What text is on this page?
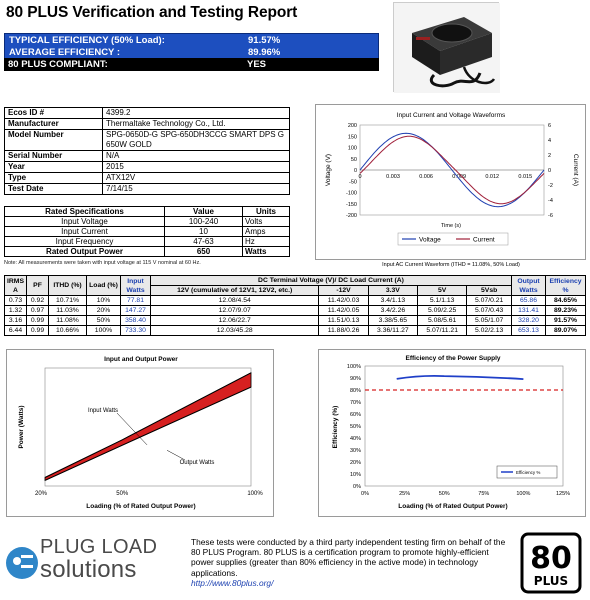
80 PLUS Verification and Testing Report
TYPICAL EFFICIENCY (50% Load):	91.57%
AVERAGE EFFICIENCY :	89.96%
80 PLUS COMPLIANT:	YES
Ecos ID #	4399.2
Manufacturer	Thermaltake Technology Co., Ltd.
Model Number	SPG-0650D-G SPG-650DH3CCG SMART DPS G 650W GOLD
Serial Number	N/A
Year	2015
Type	ATX12V
Test Date	7/14/15
Rated Specifications	Value	Units
Input Voltage	100-240	Volts
Input Current	10	Amps
Input Frequency	47-63	Hz
Rated Output Power	650	Watts
Note: All measurements were taken with input voltage at 115 V nominal at 60 Hz.
Input Current and Voltage Waveforms
200
150
100
50
0
-50
-100
-150
-200
6
4
2
0
-2
-4
-6
0	0.003	0.006	0.009	0.012	0.015
Voltage (V)	Current (A)
Time (s)
Voltage	Current
Input AC Current Waveform (ITHD = 11.08%, 50% Load)
IRMS A	PF	ITHD (%)	Load (%)	Input Watts	DC Terminal Voltage (V)/ DC Load Current (A)					Output Watts	Efficiency %
					12V (cumulative of 12V1, 12V2, etc.)	-12V	3.3V	5V	5Vsb		
0.73	0.92	10.71%	10%	77.81	12.08/4.54	11.42/0.03	3.4/1.13	5.1/1.13	5.07/0.21	65.86	84.65%
1.32	0.97	11.03%	20%	147.27	12.07/9.07	11.42/0.05	3.4/2.26	5.09/2.25	5.07/0.43	131.41	89.23%
3.16	0.99	11.08%	50%	358.40	12.06/22.7	11.51/0.13	3.38/5.65	5.08/5.61	5.05/1.07	328.20	91.57%
6.44	0.99	10.66%	100%	733.30	12.03/45.28	11.88/0.26	3.36/11.27	5.07/11.21	5.02/2.13	653.13	89.07%
Input and Output Power
20%	50%	100%
Loading (% of Rated Output Power)
Power (Watts)	Input Watts
Output Watts
Efficiency of the Power Supply
100%
90%
80%
70%
60%
50%
40%
30%
20%
10%
0%
0%	25%	50%	75%	100%	125%
Loading (% of Rated Output Power)
Efficiency (%)
Efficiency %
PLUG LOAD
solutions
These tests were conducted by a third party independent testing firm on behalf of the 80 PLUS Program. 80 PLUS is a certification program to promote highly-efficient power supplies (greater than 80% efficiency in the active mode) in technology applications.
http://www.80plus.org/
80
PLUS
